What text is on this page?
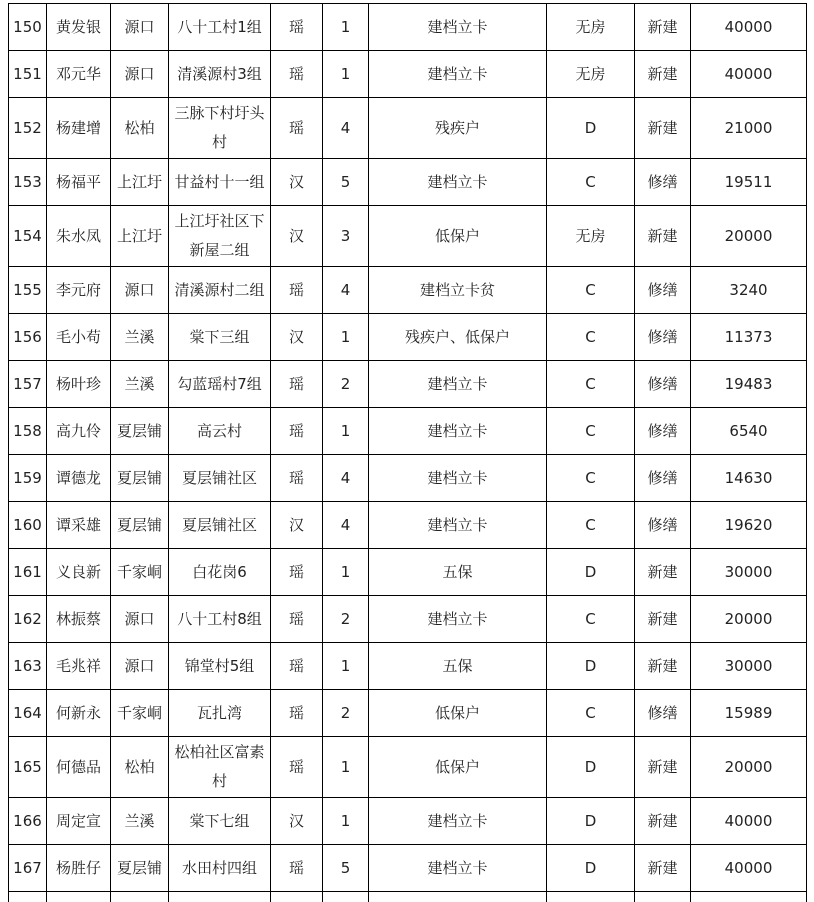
150	黄发银	源口	八十工村1组	瑶	1	建档立卡	无房	新建	40000
151	邓元华	源口	清溪源村3组	瑶	1	建档立卡	无房	新建	40000
152	杨建增	松柏	三脉下村圩头村	瑶	4	残疾户	D	新建	21000
153	杨福平	上江圩	甘益村十一组	汉	5	建档立卡	C	修缮	19511
154	朱水凤	上江圩	上江圩社区下新屋二组	汉	3	低保户	无房	新建	20000
155	李元府	源口	清溪源村二组	瑶	4	建档立卡贫	C	修缮	3240
156	毛小苟	兰溪	棠下三组	汉	1	残疾户、低保户	C	修缮	11373
157	杨叶珍	兰溪	勾蓝瑶村7组	瑶	2	建档立卡	C	修缮	19483
158	高九伶	夏层铺	高云村	瑶	1	建档立卡	C	修缮	6540
159	谭德龙	夏层铺	夏层铺社区	瑶	4	建档立卡	C	修缮	14630
160	谭采雄	夏层铺	夏层铺社区	汉	4	建档立卡	C	修缮	19620
161	义良新	千家峒	白花岗6	瑶	1	五保	D	新建	30000
162	林振蔡	源口	八十工村8组	瑶	2	建档立卡	C	新建	20000
163	毛兆祥	源口	锦堂村5组	瑶	1	五保	D	新建	30000
164	何新永	千家峒	瓦扎湾	瑶	2	低保户	C	修缮	15989
165	何德品	松柏	松柏社区富素村	瑶	1	低保户	D	新建	20000
166	周定宣	兰溪	棠下七组	汉	1	建档立卡	D	新建	40000
167	杨胜仔	夏层铺	水田村四组	瑶	5	建档立卡	D	新建	40000
